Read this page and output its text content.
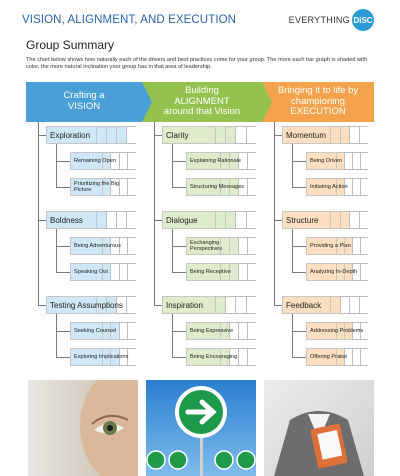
VISION, ALIGNMENT, AND EXECUTION	EVERYTHING DiSC
Group Summary
The chart below shows how naturally each of the drivers and best practices come for your group. The more each bar graph is shaded with color, the more natural inclination your group has in that area of leadership.
Crafting a
VISION
Exploration
Remaining Open
Prioritizing the Big Picture
Boldness
Being Adventurous
Speaking Out
Testing Assumptions
Seeking Counsel
Exploring Implications
Building
ALIGNMENT
around that Vision
Clarity
Explaining Rationale
Structuring Messages
Dialogue
Exchanging Perspectives
Being Receptive
Inspiration
Being Expressive
Being Encouraging
Bringing it to life by
championing
EXECUTION
Momentum
Being Driven
Initiating Action
Structure
Providing a Plan
Analyzing In-Depth
Feedback
Addressing Problems
Offering Praise
